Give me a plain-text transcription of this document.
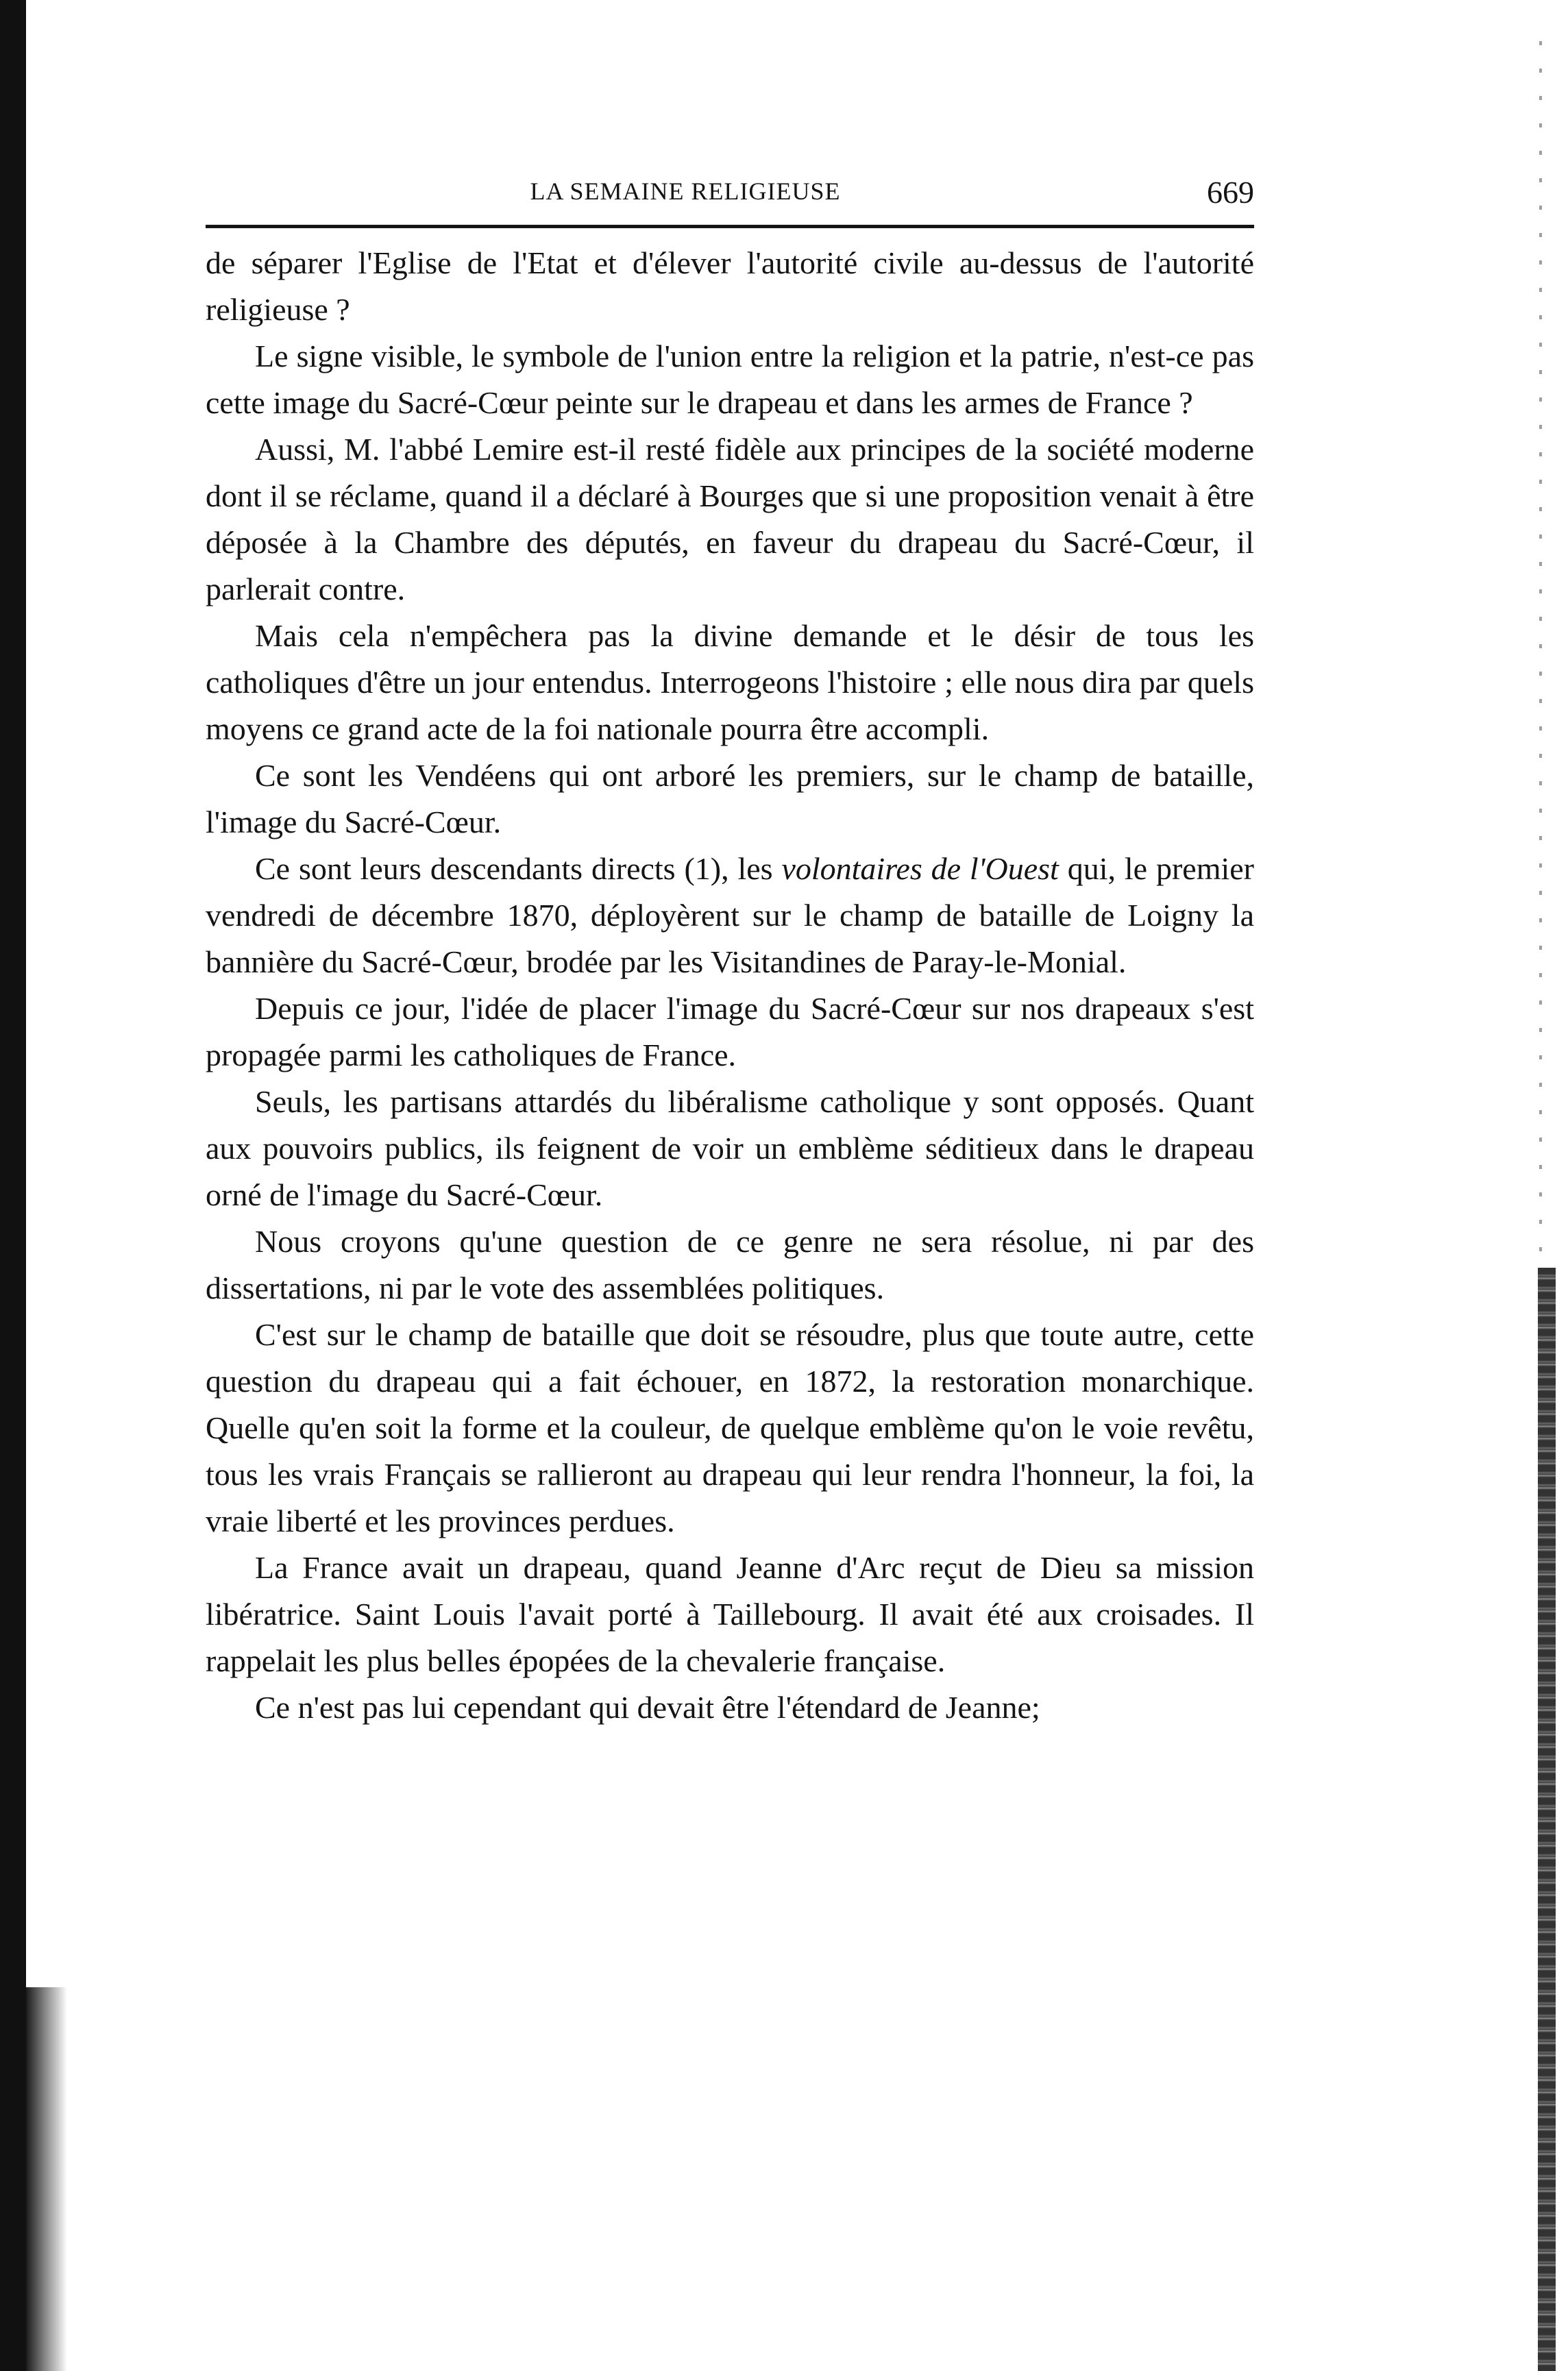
LA SEMAINE RELIGIEUSE	669

de séparer l'Eglise de l'Etat et d'élever l'autorité civile au-dessus de l'autorité religieuse ?

Le signe visible, le symbole de l'union entre la religion et la patrie, n'est-ce pas cette image du Sacré-Cœur peinte sur le drapeau et dans les armes de France ?

Aussi, M. l'abbé Lemire est-il resté fidèle aux principes de la société moderne dont il se réclame, quand il a déclaré à Bourges que si une proposition venait à être déposée à la Chambre des députés, en faveur du drapeau du Sacré-Cœur, il parlerait contre.

Mais cela n'empêchera pas la divine demande et le désir de tous les catholiques d'être un jour entendus. Interrogeons l'histoire ; elle nous dira par quels moyens ce grand acte de la foi nationale pourra être accompli.

Ce sont les Vendéens qui ont arboré les premiers, sur le champ de bataille, l'image du Sacré-Cœur.

Ce sont leurs descendants directs (1), les volontaires de l'Ouest qui, le premier vendredi de décembre 1870, déployèrent sur le champ de bataille de Loigny la bannière du Sacré-Cœur, brodée par les Visitandines de Paray-le-Monial.

Depuis ce jour, l'idée de placer l'image du Sacré-Cœur sur nos drapeaux s'est propagée parmi les catholiques de France.

Seuls, les partisans attardés du libéralisme catholique y sont opposés. Quant aux pouvoirs publics, ils feignent de voir un emblème séditieux dans le drapeau orné de l'image du Sacré-Cœur.

Nous croyons qu'une question de ce genre ne sera résolue, ni par des dissertations, ni par le vote des assemblées politiques.

C'est sur le champ de bataille que doit se résoudre, plus que toute autre, cette question du drapeau qui a fait échouer, en 1872, la restoration monarchique. Quelle qu'en soit la forme et la couleur, de quelque emblème qu'on le voie revêtu, tous les vrais Français se rallieront au drapeau qui leur rendra l'honneur, la foi, la vraie liberté et les provinces perdues.

La France avait un drapeau, quand Jeanne d'Arc reçut de Dieu sa mission libératrice. Saint Louis l'avait porté à Taillebourg. Il avait été aux croisades. Il rappelait les plus belles épopées de la chevalerie française.

Ce n'est pas lui cependant qui devait être l'étendard de Jeanne;
